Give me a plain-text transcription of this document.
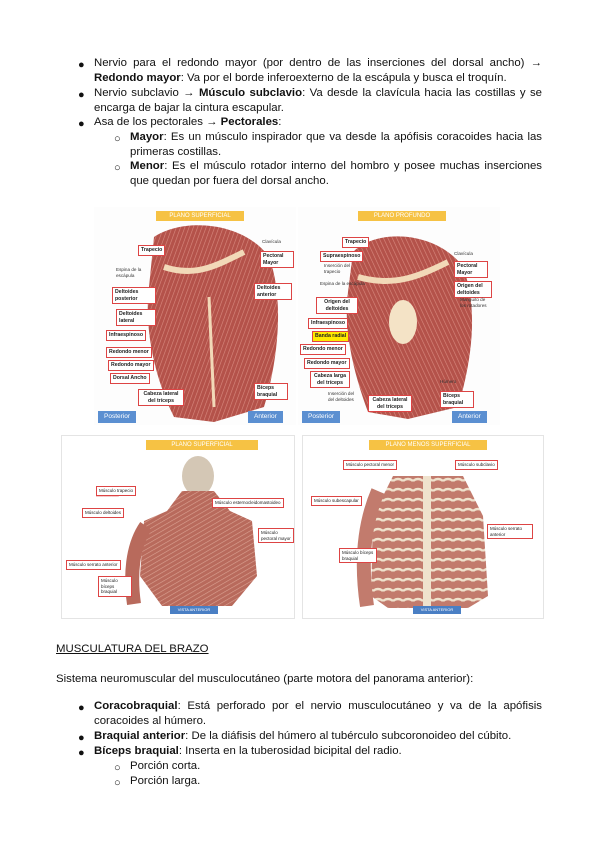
● Nervio para el redondo mayor (por dentro de las inserciones del dorsal ancho) → Redondo mayor: Va por el borde inferoexterno de la escápula y busca el troquín.
● Nervio subclavio → Músculo subclavio: Va desde la clavícula hacia las costillas y se encarga de bajar la cintura escapular.
● Asa de los pectorales → Pectorales:
○ Mayor: Es un músculo inspirador que va desde la apófisis coracoides hacia las primeras costillas.
○ Menor: Es el músculo rotador interno del hombro y posee muchas inserciones que quedan por fuera del dorsal ancho.
PLANO SUPERFICIAL
Trapecio
Clavícula
Espina de la escápula
Deltoides posterior
Deltoides lateral
Infraespinoso
Redondo menor
Redondo mayor
Dorsal Ancho
Cabeza lateral del tríceps
Pectoral Mayor
Deltoides anterior
Bíceps braquial
Posterior	Anterior
PLANO PROFUNDO
Trapecio
Supraespinoso
Inserción del trapecio
Espina de la escápula
Origen del deltoides
Infraespinoso
Banda radial
Redondo menor
Redondo mayor
Cabeza larga del tríceps
Inserción del del deltoides	Cabeza lateral del tríceps
Clavícula
Pectoral Mayor
Origen del deltoides
Manguito de los rotadores
Húmero
Bíceps braquial
Posterior	Anterior
PLANO SUPERFICIAL
Músculo trapecio
――――――
Músculo deltoides
Músculo esternocleidomastoideo
Músculo pectoral mayor
Músculo serrato anterior
Músculo bíceps braquial
VISTA ANTERIOR
PLANO MENOS SUPERFICIAL
Músculo pectoral menor	Músculo subclavio
Músculo subescapular
Músculo serrato anterior
Músculo bíceps braquial
VISTA ANTERIOR
MUSCULATURA DEL BRAZO
Sistema neuromuscular del musculocutáneo (parte motora del panorama anterior):
● Coracobraquial: Está perforado por el nervio musculocutáneo y va de la apófisis coracoides al húmero.
● Braquial anterior: De la diáfisis del húmero al tubérculo subcoronoideo del cúbito.
● Bíceps braquial: Inserta en la tuberosidad bicipital del radio.
○ Porción corta.
○ Porción larga.
